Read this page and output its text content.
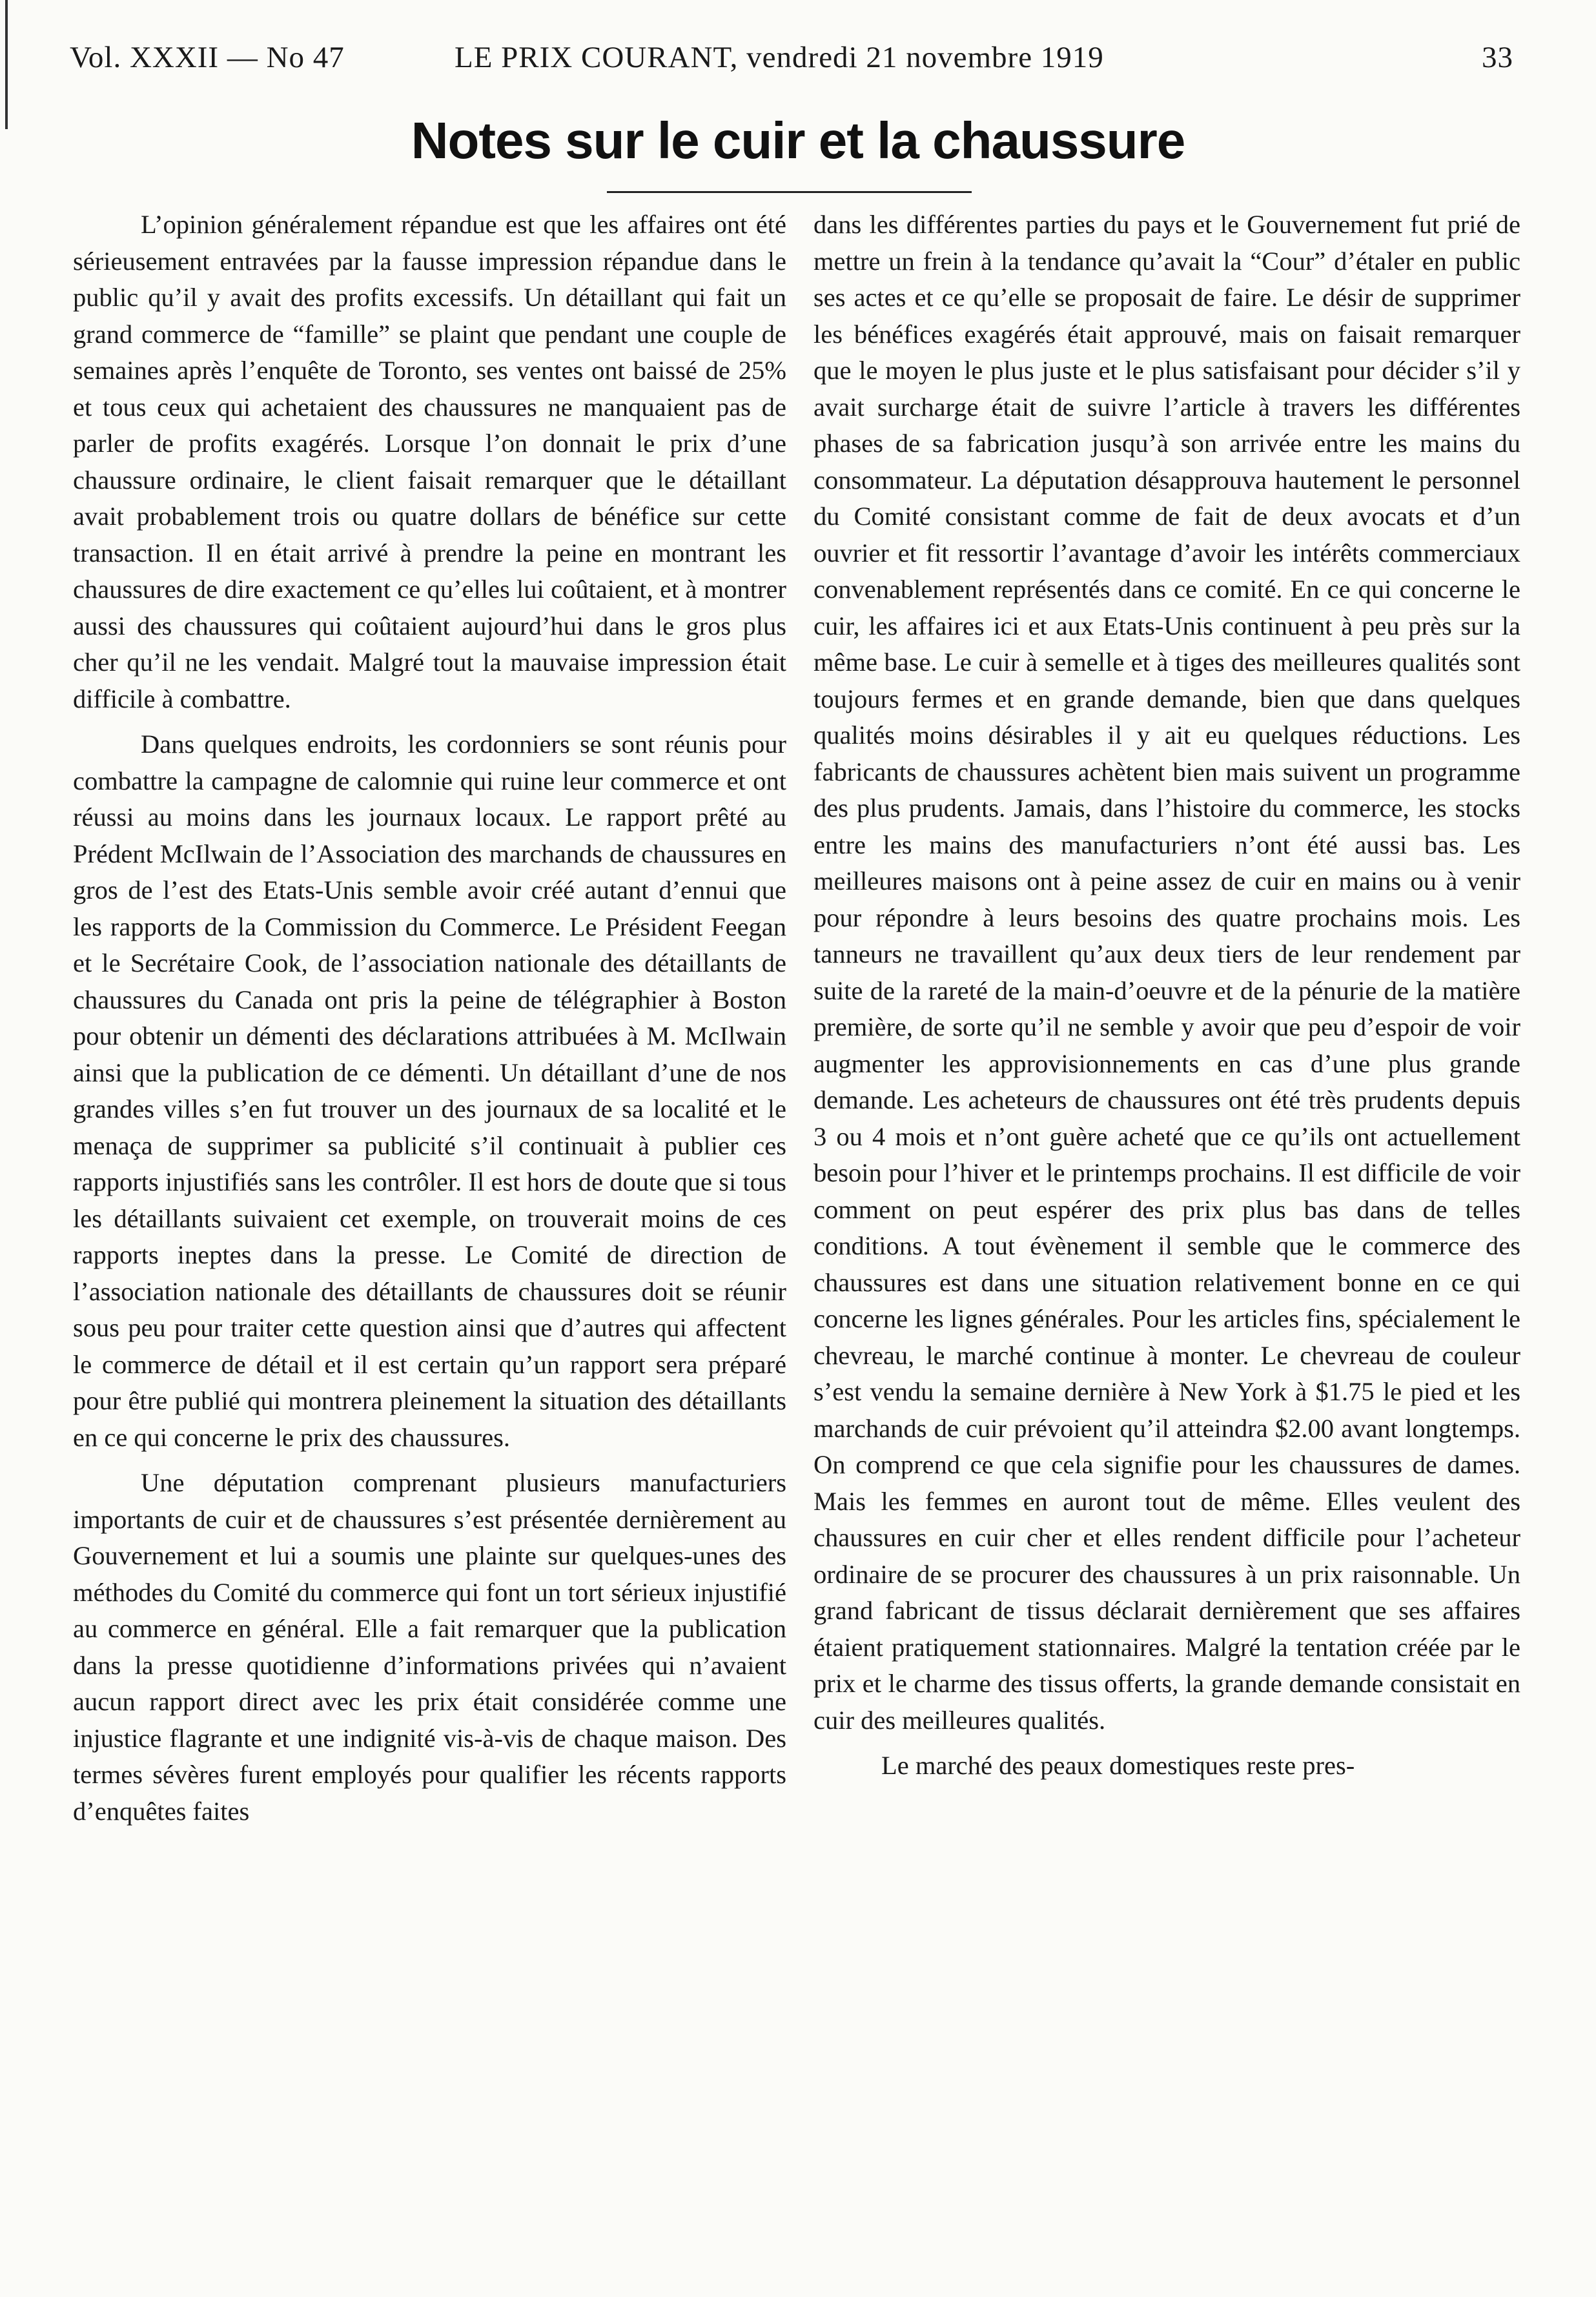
Vol. XXXII — No 47	LE PRIX COURANT, vendredi 21 novembre 1919	33
Notes sur le cuir et la chaussure

L’opinion généralement répandue est que les affaires ont été sérieusement entravées par la fausse impression répandue dans le public qu’il y avait des profits excessifs. Un détaillant qui fait un grand commerce de “famille” se plaint que pendant une couple de semaines après l’enquête de Toronto, ses ventes ont baissé de 25% et tous ceux qui achetaient des chaussures ne manquaient pas de parler de profits exagérés. Lorsque l’on donnait le prix d’une chaussure ordinaire, le client faisait remarquer que le détaillant avait probablement trois ou quatre dollars de bénéfice sur cette transaction. Il en était arrivé à prendre la peine en montrant les chaussures de dire exactement ce qu’elles lui coûtaient, et à montrer aussi des chaussures qui coûtaient aujourd’hui dans le gros plus cher qu’il ne les vendait. Malgré tout la mauvaise impression était difficile à combattre.

Dans quelques endroits, les cordonniers se sont réunis pour combattre la campagne de calomnie qui ruine leur commerce et ont réussi au moins dans les journaux locaux. Le rapport prêté au Prédent McIlwain de l’Association des marchands de chaussures en gros de l’est des Etats-Unis semble avoir créé autant d’ennui que les rapports de la Commission du Commerce. Le Président Feegan et le Secrétaire Cook, de l’association nationale des détaillants de chaussures du Canada ont pris la peine de télégraphier à Boston pour obtenir un démenti des déclarations attribuées à M. McIlwain ainsi que la publication de ce démenti. Un détaillant d’une de nos grandes villes s’en fut trouver un des journaux de sa localité et le menaça de supprimer sa publicité s’il continuait à publier ces rapports injustifiés sans les contrôler. Il est hors de doute que si tous les détaillants suivaient cet exemple, on trouverait moins de ces rapports ineptes dans la presse. Le Comité de direction de l’association nationale des détaillants de chaussures doit se réunir sous peu pour traiter cette question ainsi que d’autres qui affectent le commerce de détail et il est certain qu’un rapport sera préparé pour être publié qui montrera pleinement la situation des détaillants en ce qui concerne le prix des chaussures.

Une députation comprenant plusieurs manufacturiers importants de cuir et de chaussures s’est présentée dernièrement au Gouvernement et lui a soumis une plainte sur quelques-unes des méthodes du Comité du commerce qui font un tort sérieux injustifié au commerce en général. Elle a fait remarquer que la publication dans la presse quotidienne d’informations privées qui n’avaient aucun rapport direct avec les prix était considérée comme une injustice flagrante et une indignité vis-à-vis de chaque maison. Des termes sévères furent employés pour qualifier les récents rapports d’enquêtes faites

dans les différentes parties du pays et le Gouvernement fut prié de mettre un frein à la tendance qu’avait la “Cour” d’étaler en public ses actes et ce qu’elle se proposait de faire. Le désir de supprimer les bénéfices exagérés était approuvé, mais on faisait remarquer que le moyen le plus juste et le plus satisfaisant pour décider s’il y avait surcharge était de suivre l’article à travers les différentes phases de sa fabrication jusqu’à son arrivée entre les mains du consommateur. La députation désapprouva hautement le personnel du Comité consistant comme de fait de deux avocats et d’un ouvrier et fit ressortir l’avantage d’avoir les intérêts commerciaux convenablement représentés dans ce comité. En ce qui concerne le cuir, les affaires ici et aux Etats-Unis continuent à peu près sur la même base. Le cuir à semelle et à tiges des meilleures qualités sont toujours fermes et en grande demande, bien que dans quelques qualités moins désirables il y ait eu quelques réductions. Les fabricants de chaussures achètent bien mais suivent un programme des plus prudents. Jamais, dans l’histoire du commerce, les stocks entre les mains des manufacturiers n’ont été aussi bas. Les meilleures maisons ont à peine assez de cuir en mains ou à venir pour répondre à leurs besoins des quatre prochains mois. Les tanneurs ne travaillent qu’aux deux tiers de leur rendement par suite de la rareté de la main-d’oeuvre et de la pénurie de la matière première, de sorte qu’il ne semble y avoir que peu d’espoir de voir augmenter les approvisionnements en cas d’une plus grande demande. Les acheteurs de chaussures ont été très prudents depuis 3 ou 4 mois et n’ont guère acheté que ce qu’ils ont actuellement besoin pour l’hiver et le printemps prochains. Il est difficile de voir comment on peut espérer des prix plus bas dans de telles conditions. A tout évènement il semble que le commerce des chaussures est dans une situation relativement bonne en ce qui concerne les lignes générales. Pour les articles fins, spécialement le chevreau, le marché continue à monter. Le chevreau de couleur s’est vendu la semaine dernière à New York à $1.75 le pied et les marchands de cuir prévoient qu’il atteindra $2.00 avant longtemps. On comprend ce que cela signifie pour les chaussures de dames. Mais les femmes en auront tout de même. Elles veulent des chaussures en cuir cher et elles rendent difficile pour l’acheteur ordinaire de se procurer des chaussures à un prix raisonnable. Un grand fabricant de tissus déclarait dernièrement que ses affaires étaient pratiquement stationnaires. Malgré la tentation créée par le prix et le charme des tissus offerts, la grande demande consistait en cuir des meilleures qualités.

Le marché des peaux domestiques reste pres-
